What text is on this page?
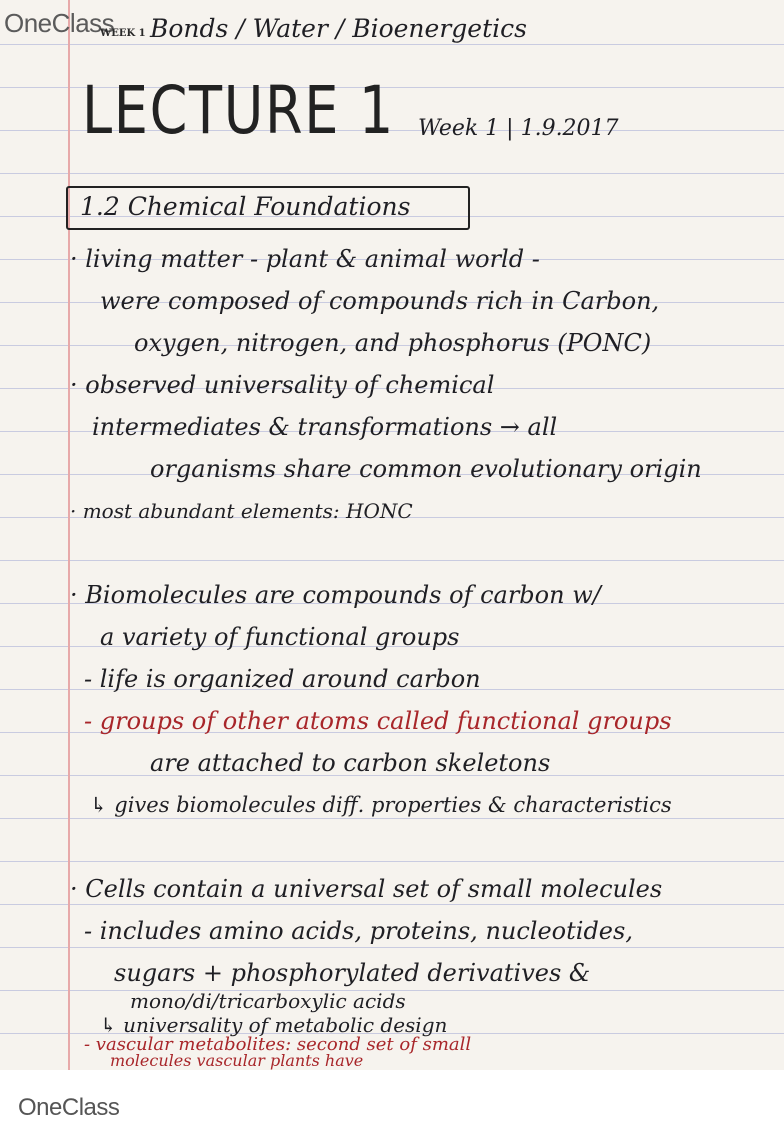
OneClass
WEEK 1 Bonds / Water / Bioenergetics
LECTURE 1 Week 1 | 1.9.2017
1.2 Chemical Foundations
· living matter - plant & animal world -
were composed of compounds rich in Carbon,
oxygen, nitrogen, and phosphorus (PONC)
· observed universality of chemical
intermediates & transformations → all
organisms share common evolutionary origin
· most abundant elements: HONC
· Biomolecules are compounds of carbon w/
a variety of functional groups
- life is organized around carbon
- groups of other atoms called functional groups
are attached to carbon skeletons
↳ gives biomolecules diff. properties & characteristics
· Cells contain a universal set of small molecules
- includes amino acids, proteins, nucleotides,
sugars + phosphorylated derivatives &
mono/di/tricarboxylic acids
↳ universality of metabolic design
- vascular metabolites: second set of small
molecules vascular plants have
OneClass
